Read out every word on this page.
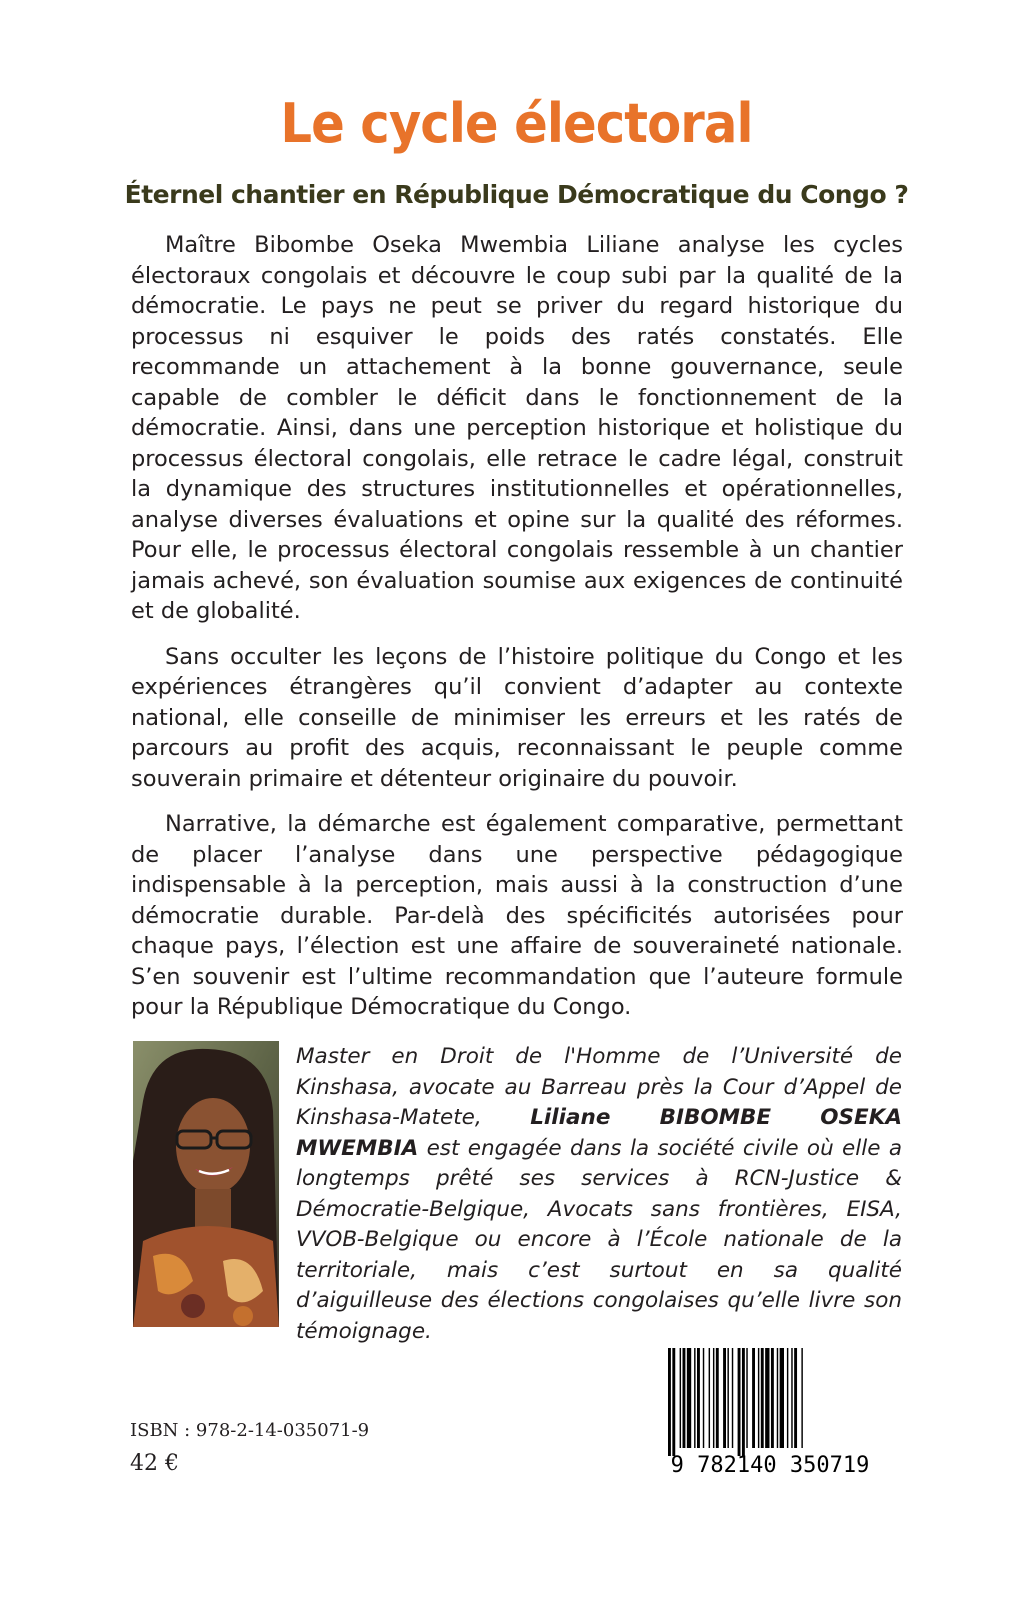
Le cycle électoral
Éternel chantier en République Démocratique du Congo ?

Maître Bibombe Oseka Mwembia Liliane analyse les cycles électoraux congolais et découvre le coup subi par la qualité de la démocratie. Le pays ne peut se priver du regard historique du processus ni esquiver le poids des ratés constatés. Elle recommande un attachement à la bonne gouvernance, seule capable de combler le déficit dans le fonctionnement de la démocratie. Ainsi, dans une perception historique et holistique du processus électoral congolais, elle retrace le cadre légal, construit la dynamique des structures institutionnelles et opérationnelles, analyse diverses évaluations et opine sur la qualité des réformes. Pour elle, le processus électoral congolais ressemble à un chantier jamais achevé, son évaluation soumise aux exigences de continuité et de globalité.

Sans occulter les leçons de l’histoire politique du Congo et les expériences étrangères qu’il convient d’adapter au contexte national, elle conseille de minimiser les erreurs et les ratés de parcours au profit des acquis, reconnaissant le peuple comme souverain primaire et détenteur originaire du pouvoir.

Narrative, la démarche est également comparative, permettant de placer l’analyse dans une perspective pédagogique indispensable à la perception, mais aussi à la construction d’une démocratie durable. Par-delà des spécificités autorisées pour chaque pays, l’élection est une affaire de souveraineté nationale. S’en souvenir est l’ultime recommandation que l’auteure formule pour la République Démocratique du Congo.

Master en Droit de l'Homme de l’Université de Kinshasa, avocate au Barreau près la Cour d’Appel de Kinshasa-Matete, Liliane BIBOMBE OSEKA MWEMBIA est engagée dans la société civile où elle a longtemps prêté ses services à RCN-Justice & Démocratie-Belgique, Avocats sans frontières, EISA, VVOB-Belgique ou encore à l’École nationale de la territoriale, mais c’est surtout en sa qualité d’aiguilleuse des élections congolaises qu’elle livre son témoignage.

ISBN : 978-2-14-035071-9
42 €	9 782140 350719
